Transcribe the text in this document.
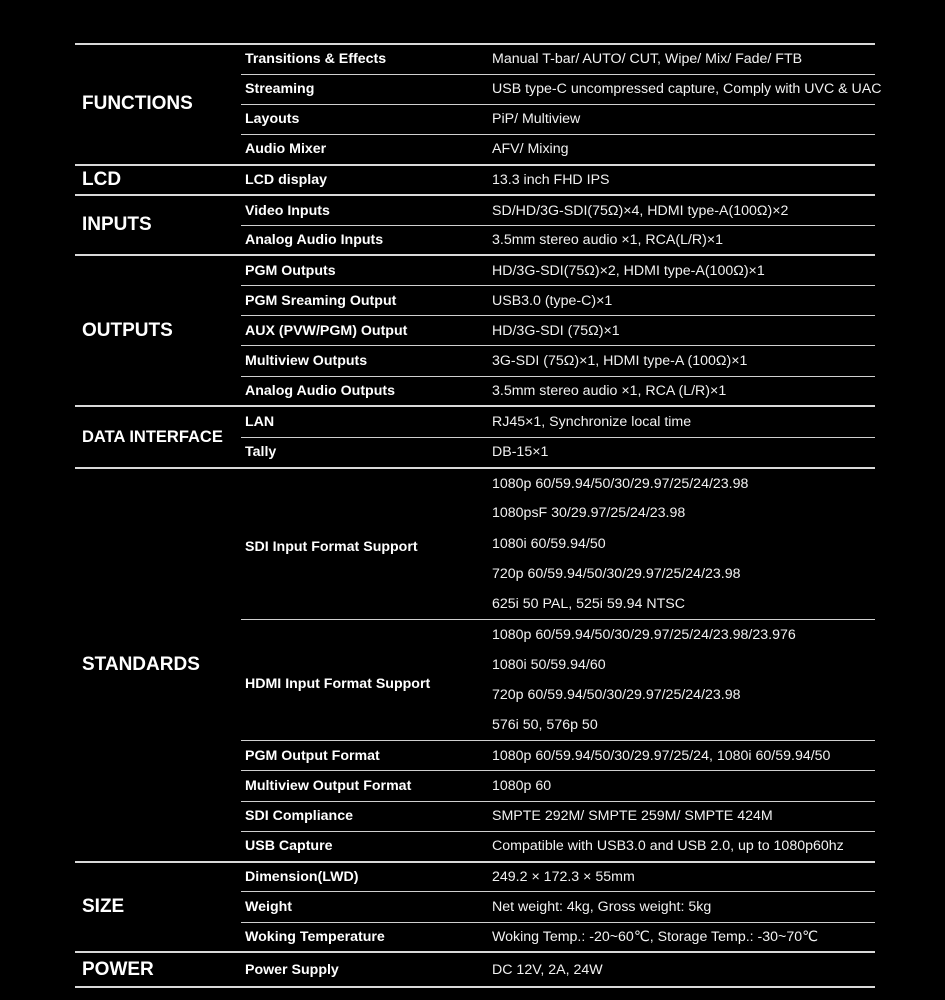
FUNCTIONS	Transitions & Effects	Manual T-bar/ AUTO/ CUT, Wipe/ Mix/ Fade/ FTB
	Streaming	USB type-C uncompressed capture, Comply with UVC & UAC
	Layouts	PiP/ Multiview
	Audio Mixer	AFV/ Mixing
LCD	LCD display	13.3 inch FHD IPS
INPUTS	Video Inputs	SD/HD/3G-SDI(75Ω)×4, HDMI type-A(100Ω)×2
	Analog Audio Inputs	3.5mm stereo audio ×1, RCA(L/R)×1
OUTPUTS	PGM Outputs	HD/3G-SDI(75Ω)×2, HDMI type-A(100Ω)×1
	PGM Sreaming Output	USB3.0 (type-C)×1
	AUX (PVW/PGM) Output	HD/3G-SDI (75Ω)×1
	Multiview Outputs	3G-SDI (75Ω)×1, HDMI type-A (100Ω)×1
	Analog Audio Outputs	3.5mm stereo audio ×1, RCA (L/R)×1
DATA INTERFACE	LAN	RJ45×1, Synchronize local time
	Tally	DB-15×1
STANDARDS	SDI Input Format Support	1080p 60/59.94/50/30/29.97/25/24/23.98
		1080psF 30/29.97/25/24/23.98
		1080i 60/59.94/50
		720p 60/59.94/50/30/29.97/25/24/23.98
		625i 50 PAL, 525i 59.94 NTSC
	HDMI Input Format Support	1080p 60/59.94/50/30/29.97/25/24/23.98/23.976
		1080i 50/59.94/60
		720p 60/59.94/50/30/29.97/25/24/23.98
		576i 50, 576p 50
	PGM Output Format	1080p 60/59.94/50/30/29.97/25/24, 1080i 60/59.94/50
	Multiview Output Format	1080p 60
	SDI Compliance	SMPTE 292M/ SMPTE 259M/ SMPTE 424M
	USB Capture	Compatible with USB3.0 and USB 2.0, up to 1080p60hz
SIZE	Dimension(LWD)	249.2 × 172.3 × 55mm
	Weight	Net weight: 4kg, Gross weight: 5kg
	Woking Temperature	Woking Temp.: -20~60℃, Storage Temp.: -30~70℃
POWER	Power Supply	DC 12V, 2A, 24W
